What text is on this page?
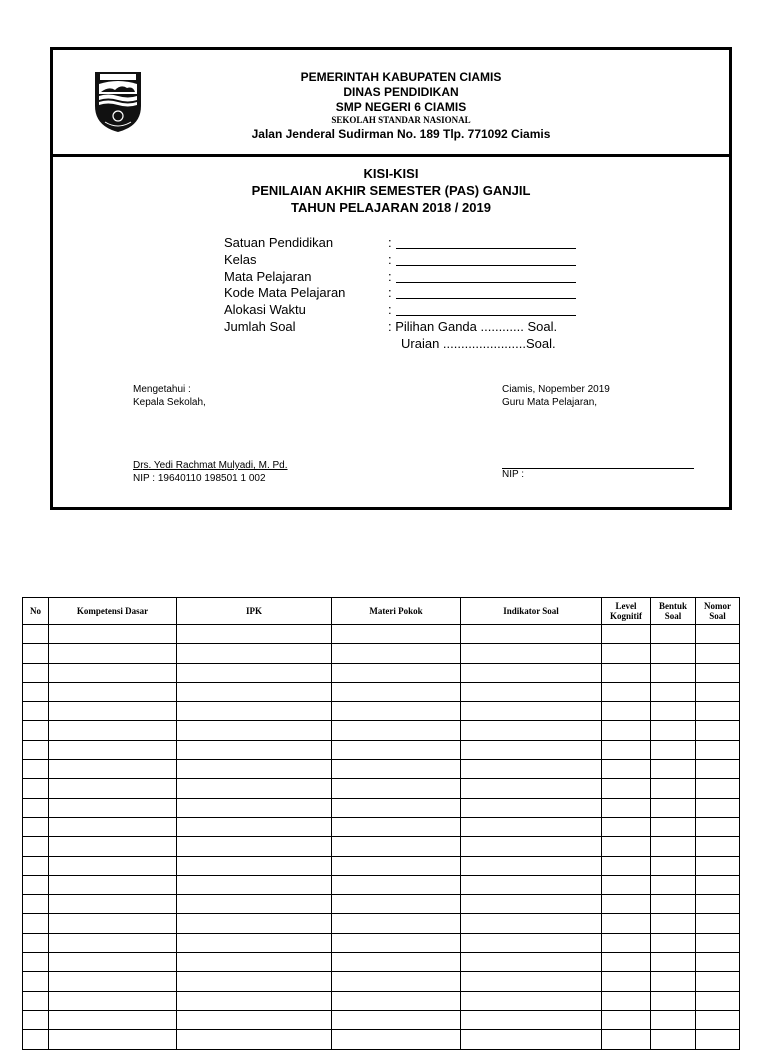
PEMERINTAH KABUPATEN CIAMIS
DINAS PENDIDIKAN
SMP NEGERI 6 CIAMIS
SEKOLAH STANDAR NASIONAL
Jalan Jenderal Sudirman No. 189 Tlp. 771092 Ciamis
KISI-KISI
PENILAIAN AKHIR SEMESTER (PAS) GANJIL
TAHUN PELAJARAN 2018 / 2019
Satuan Pendidikan	:
Kelas	:
Mata Pelajaran	:
Kode Mata Pelajaran	:
Alokasi Waktu	:
Jumlah Soal	: Pilihan Ganda ............ Soal.
Uraian .......................Soal.
Mengetahui :
Kepala Sekolah,
Ciamis, Nopember 2019
Guru Mata Pelajaran,
Drs. Yedi Rachmat Mulyadi, M. Pd.
NIP : 19640110 198501 1 002	NIP :
No	Kompetensi Dasar	IPK	Materi Pokok	Indikator Soal	Level Kognitif	Bentuk Soal	Nomor Soal
